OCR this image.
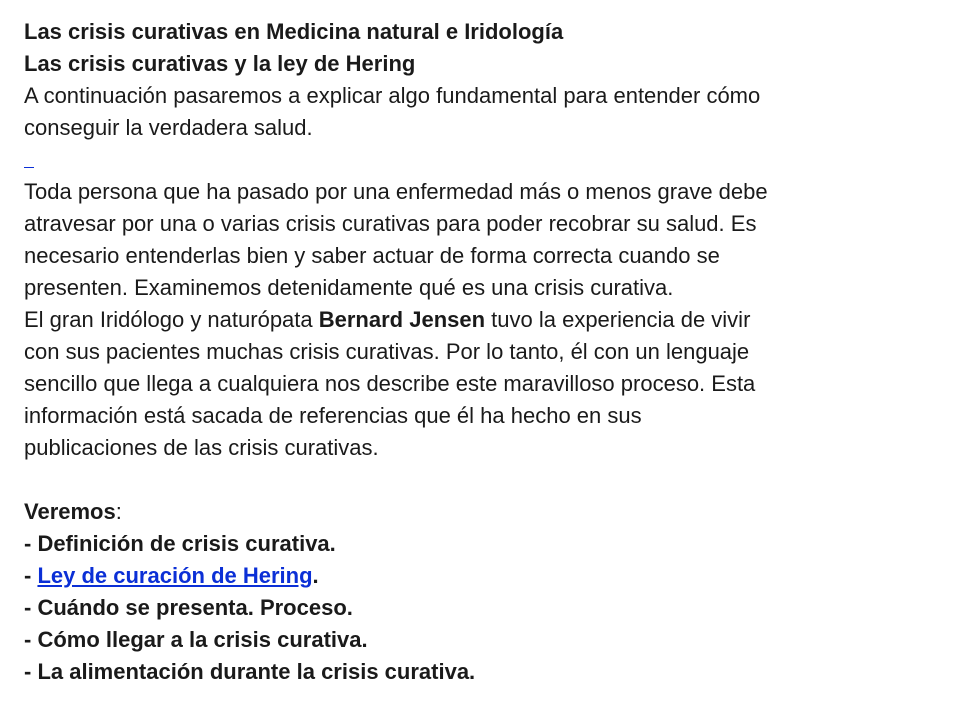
Las crisis curativas en Medicina natural e Iridología
Las crisis curativas y la ley de Hering
A continuación pasaremos a explicar algo fundamental para entender cómo
conseguir la verdadera salud.
Toda persona que ha pasado por una enfermedad más o menos grave debe
atravesar por una o varias crisis curativas para poder recobrar su salud. Es
necesario entenderlas bien y saber actuar de forma correcta cuando se
presenten. Examinemos detenidamente qué es una crisis curativa.
El gran Iridólogo y naturópata Bernard Jensen tuvo la experiencia de vivir
con sus pacientes muchas crisis curativas. Por lo tanto, él con un lenguaje
sencillo que llega a cualquiera nos describe este maravilloso proceso. Esta
información está sacada de referencias que él ha hecho en sus
publicaciones de las crisis curativas.
Veremos:
- Definición de crisis curativa.
- Ley de curación de Hering.
- Cuándo se presenta. Proceso.
- Cómo llegar a la crisis curativa.
- La alimentación durante la crisis curativa.
